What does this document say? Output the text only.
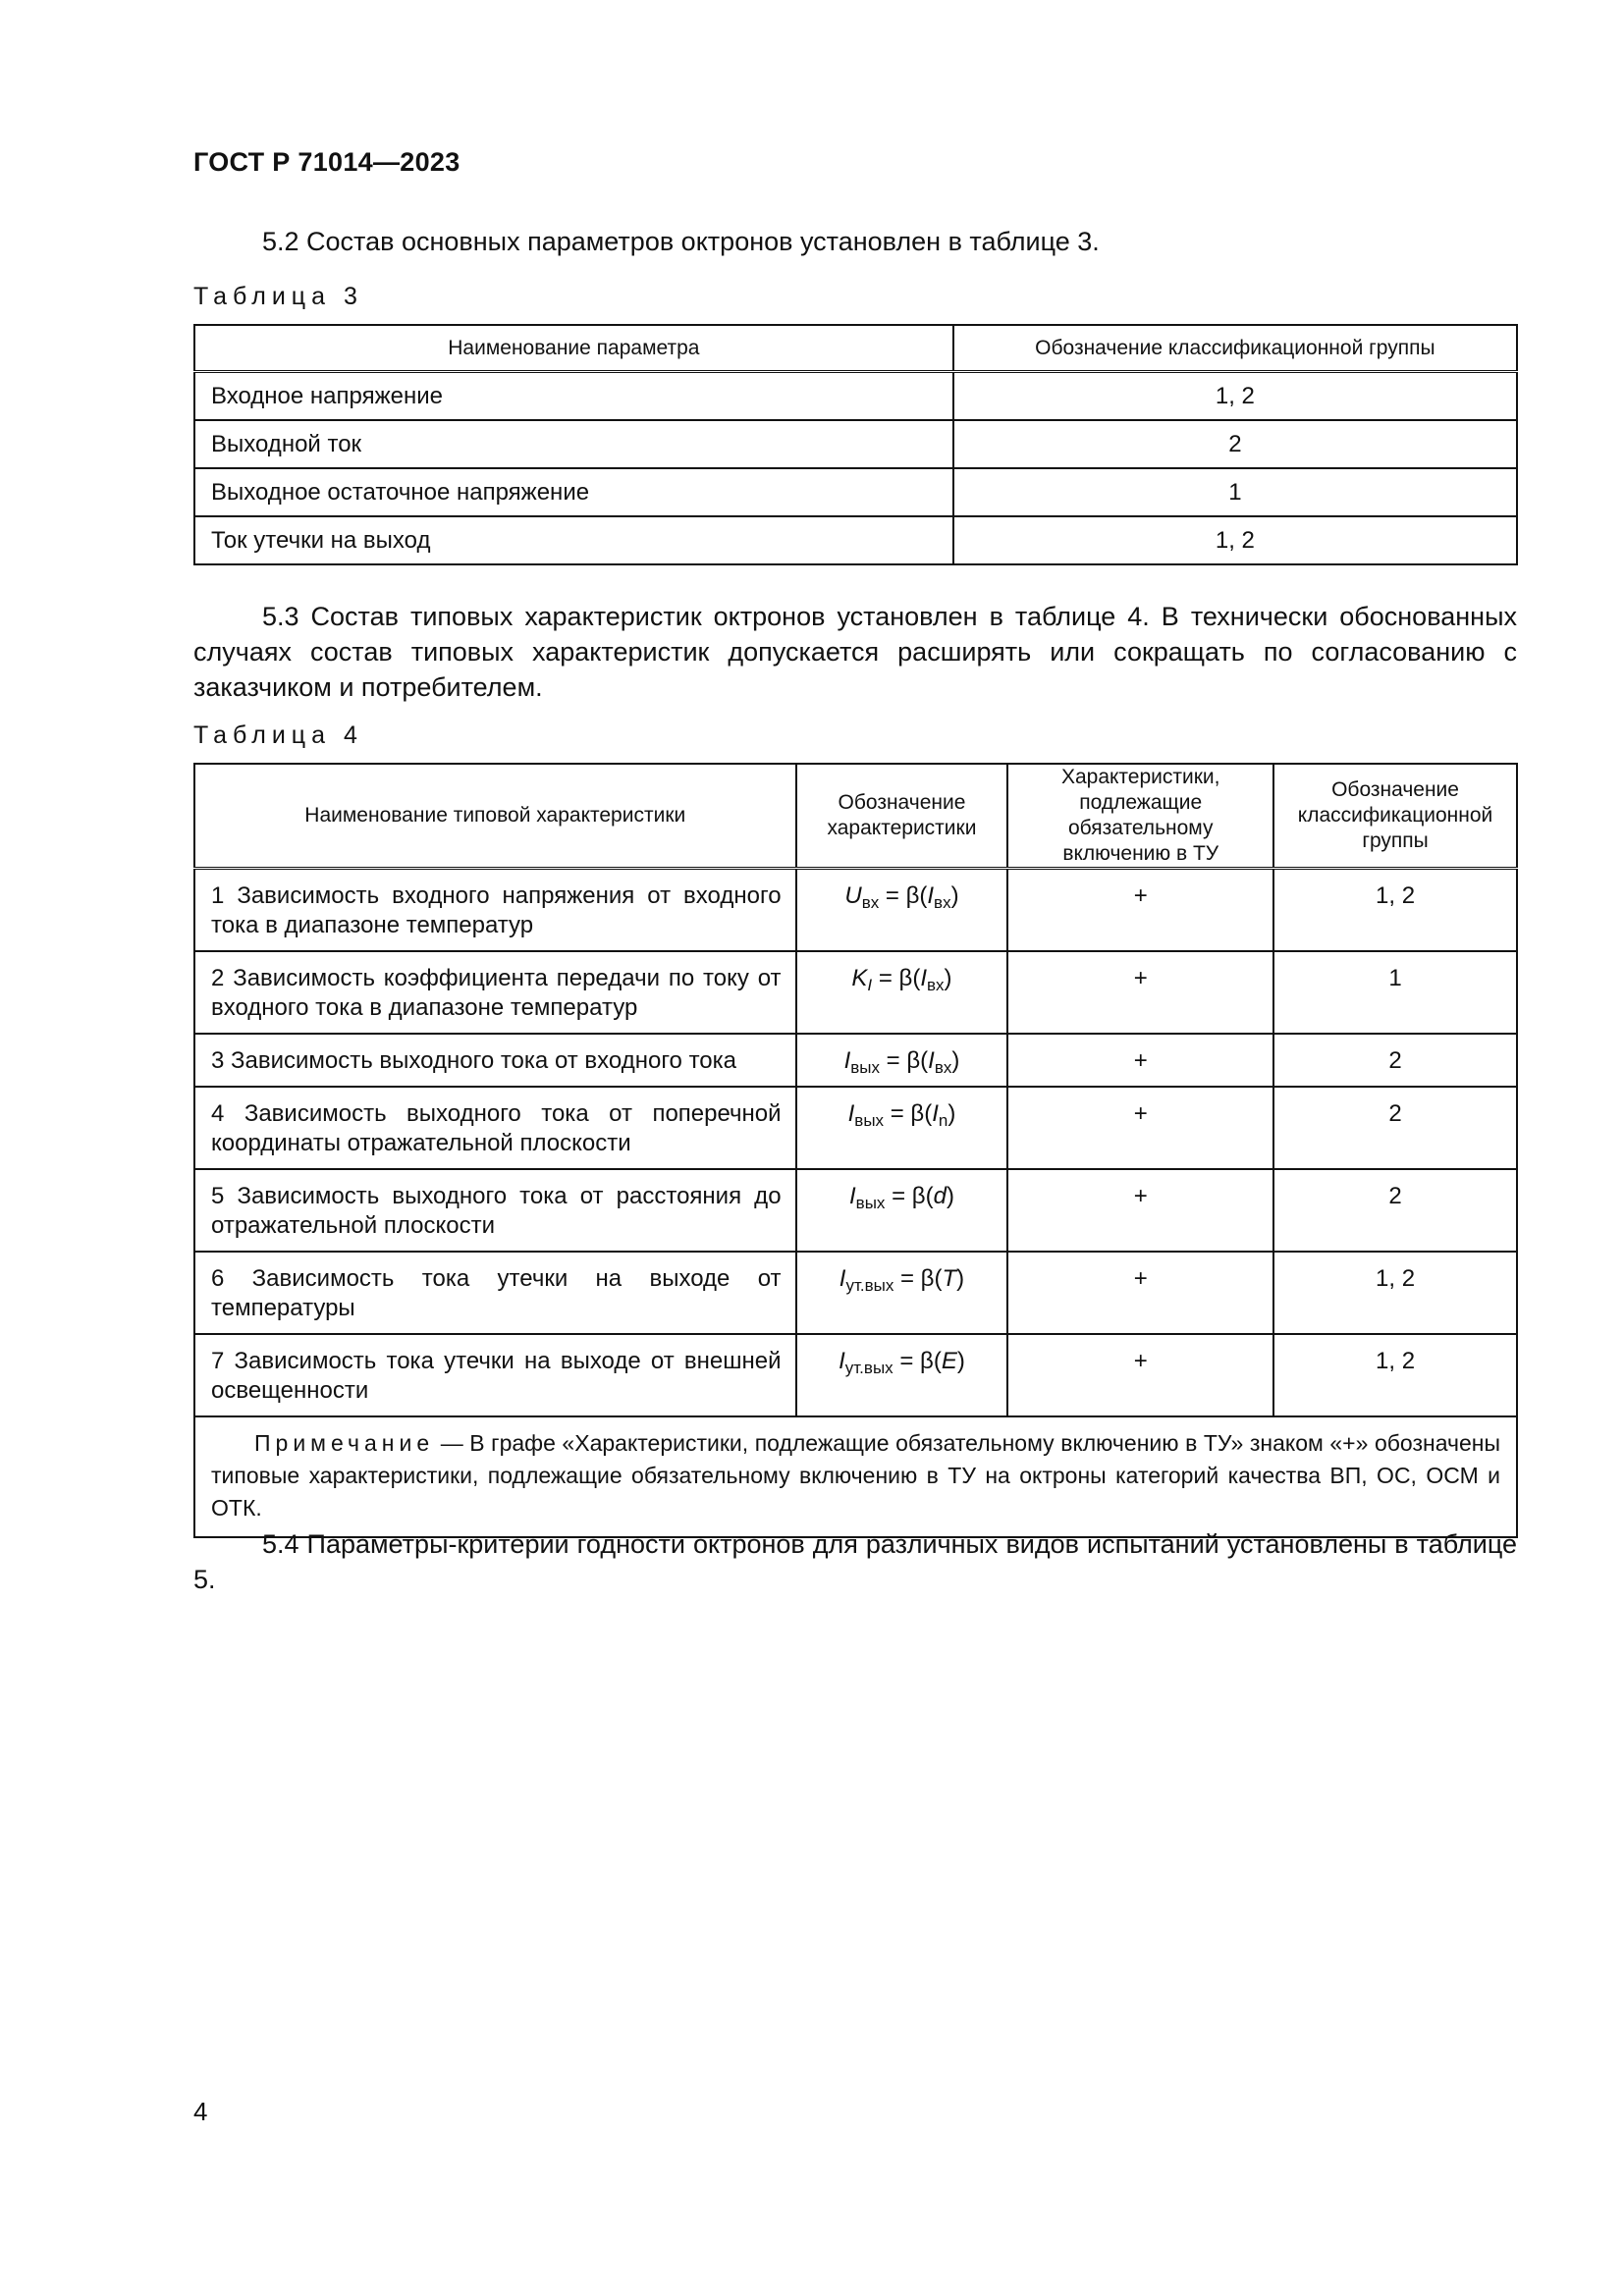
ГОСТ Р 71014—2023
5.2 Состав основных параметров октронов установлен в таблице 3.
Таблица 3
Наименование параметра	Обозначение классификационной группы
Входное напряжение	1, 2
Выходной ток	2
Выходное остаточное напряжение	1
Ток утечки на выход	1, 2
5.3 Состав типовых характеристик октронов установлен в таблице 4. В технически обоснованных случаях состав типовых характеристик допускается расширять или сокращать по согласованию с заказчиком и потребителем.
Таблица 4
Наименование типовой характеристики	Обозначение характеристики	Характеристики, подлежащие обязательному включению в ТУ	Обозначение классификационной группы
1 Зависимость входного напряжения от входного тока в диапазоне температур	$U_{вх} = \beta(I_{вх})$	+	1, 2
2 Зависимость коэффициента передачи по току от входного тока в диапазоне температур	$K_I = \beta(I_{вх})$	+	1
3 Зависимость выходного тока от входного тока	$I_{вых} = \beta(I_{вх})$	+	2
4 Зависимость выходного тока от поперечной координаты отражательной плоскости	$I_{вых} = \beta(I_n)$	+	2
5 Зависимость выходного тока от расстояния до отражательной плоскости	$I_{вых} = \beta(d)$	+	2
6 Зависимость тока утечки на выходе от температуры	$I_{ут.вых} = \beta(T)$	+	1, 2
7 Зависимость тока утечки на выходе от внешней освещенности	$I_{ут.вых} = \beta(E)$	+	1, 2
Примечание — В графе «Характеристики, подлежащие обязательному включению в ТУ» знаком «+» обозначены типовые характеристики, подлежащие обязательному включению в ТУ на октроны категорий качества ВП, ОС, ОСМ и ОТК.			
5.4 Параметры-критерии годности октронов для различных видов испытаний установлены в таблице 5.
4
